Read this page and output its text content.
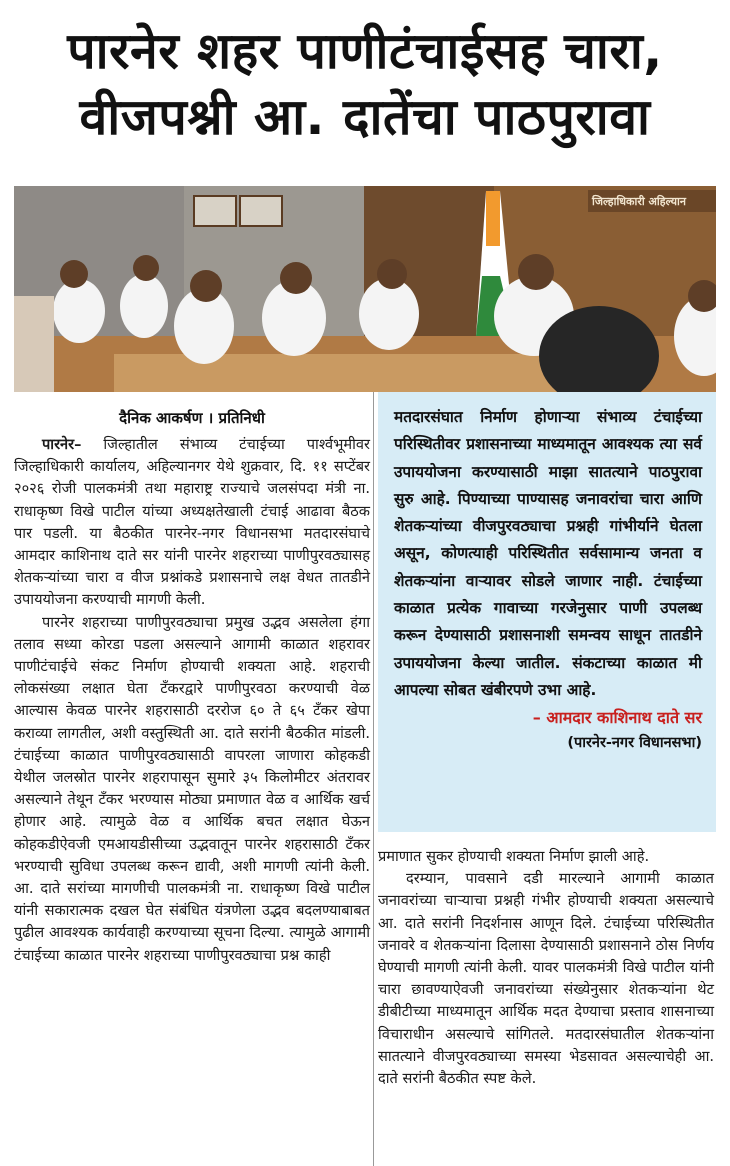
पारनेर शहर पाणीटंचाईसह चारा,
वीजपश्नी आ. दातेंचा पाठपुरावा
जिल्हाधिकारी अहिल्यान
दैनिक आकर्षण । प्रतिनिधी

पारनेर– जिल्हातील संभाव्य टंचाईच्या पार्श्वभूमीवर जिल्हाधिकारी कार्यालय, अहिल्यानगर येथे शुक्रवार, दि. ११ सप्टेंबर २०२६ रोजी पालकमंत्री तथा महाराष्ट्र राज्याचे जलसंपदा मंत्री ना. राधाकृष्ण विखे पाटील यांच्या अध्यक्षतेखाली टंचाई आढावा बैठक पार पडली. या बैठकीत पारनेर-नगर विधानसभा मतदारसंघाचे आमदार काशिनाथ दाते सर यांनी पारनेर शहराच्या पाणीपुरवठ्यासह शेतकऱ्यांच्या चारा व वीज प्रश्नांकडे प्रशासनाचे लक्ष वेधत तातडीने उपाययोजना करण्याची मागणी केली.

पारनेर शहराच्या पाणीपुरवठ्याचा प्रमुख उद्भव असलेला हंगा तलाव सध्या कोरडा पडला असल्याने आगामी काळात शहरावर पाणीटंचाईचे संकट निर्माण होण्याची शक्यता आहे. शहराची लोकसंख्या लक्षात घेता टँकरद्वारे पाणीपुरवठा करण्याची वेळ आल्यास केवळ पारनेर शहरासाठी दररोज ६० ते ६५ टँकर खेपा कराव्या लागतील, अशी वस्तुस्थिती आ. दाते सरांनी बैठकीत मांडली. टंचाईच्या काळात पाणीपुरवठ्यासाठी वापरला जाणारा कोहकडी येथील जलस्रोत पारनेर शहरापासून सुमारे ३५ किलोमीटर अंतरावर असल्याने तेथून टँकर भरण्यास मोठ्या प्रमाणात वेळ व आर्थिक खर्च होणार आहे. त्यामुळे वेळ व आर्थिक बचत लक्षात घेऊन कोहकडीऐवजी एमआयडीसीच्या उद्भवातून पारनेर शहरासाठी टँकर भरण्याची सुविधा उपलब्ध करून द्यावी, अशी मागणी त्यांनी केली. आ. दाते सरांच्या मागणीची पालकमंत्री ना. राधाकृष्ण विखे पाटील यांनी सकारात्मक दखल घेत संबंधित यंत्रणेला उद्भव बदलण्याबाबत पुढील आवश्यक कार्यवाही करण्याच्या सूचना दिल्या. त्यामुळे आगामी टंचाईच्या काळात पारनेर शहराच्या पाणीपुरवठ्याचा प्रश्न काही

मतदारसंघात निर्माण होणाऱ्या संभाव्य टंचाईच्या परिस्थितीवर प्रशासनाच्या माध्यमातून आवश्यक त्या सर्व उपाययोजना करण्यासाठी माझा सातत्याने पाठपुरावा सुरु आहे. पिण्याच्या पाण्यासह जनावरांचा चारा आणि शेतकऱ्यांच्या वीजपुरवठ्याचा प्रश्नही गांभीर्याने घेतला असून, कोणत्याही परिस्थितीत सर्वसामान्य जनता व शेतकऱ्यांना वाऱ्यावर सोडले जाणार नाही. टंचाईच्या काळात प्रत्येक गावाच्या गरजेनुसार पाणी उपलब्ध करून देण्यासाठी प्रशासनाशी समन्वय साधून तातडीने उपाययोजना केल्या जातील. संकटाच्या काळात मी आपल्या सोबत खंबीरपणे उभा आहे.

– आमदार काशिनाथ दाते सर
(पारनेर-नगर विधानसभा)

प्रमाणात सुकर होण्याची शक्यता निर्माण झाली आहे.

दरम्यान, पावसाने दडी मारल्याने आगामी काळात जनावरांच्या चाऱ्याचा प्रश्नही गंभीर होण्याची शक्यता असल्याचे आ. दाते सरांनी निदर्शनास आणून दिले. टंचाईच्या परिस्थितीत जनावरे व शेतकऱ्यांना दिलासा देण्यासाठी प्रशासनाने ठोस निर्णय घेण्याची मागणी त्यांनी केली. यावर पालकमंत्री विखे पाटील यांनी चारा छावण्याऐवजी जनावरांच्या संख्येनुसार शेतकऱ्यांना थेट डीबीटीच्या माध्यमातून आर्थिक मदत देण्याचा प्रस्ताव शासनाच्या विचाराधीन असल्याचे सांगितले. मतदारसंघातील शेतकऱ्यांना सातत्याने वीजपुरवठ्याच्या समस्या भेडसावत असल्याचेही आ. दाते सरांनी बैठकीत स्पष्ट केले.
